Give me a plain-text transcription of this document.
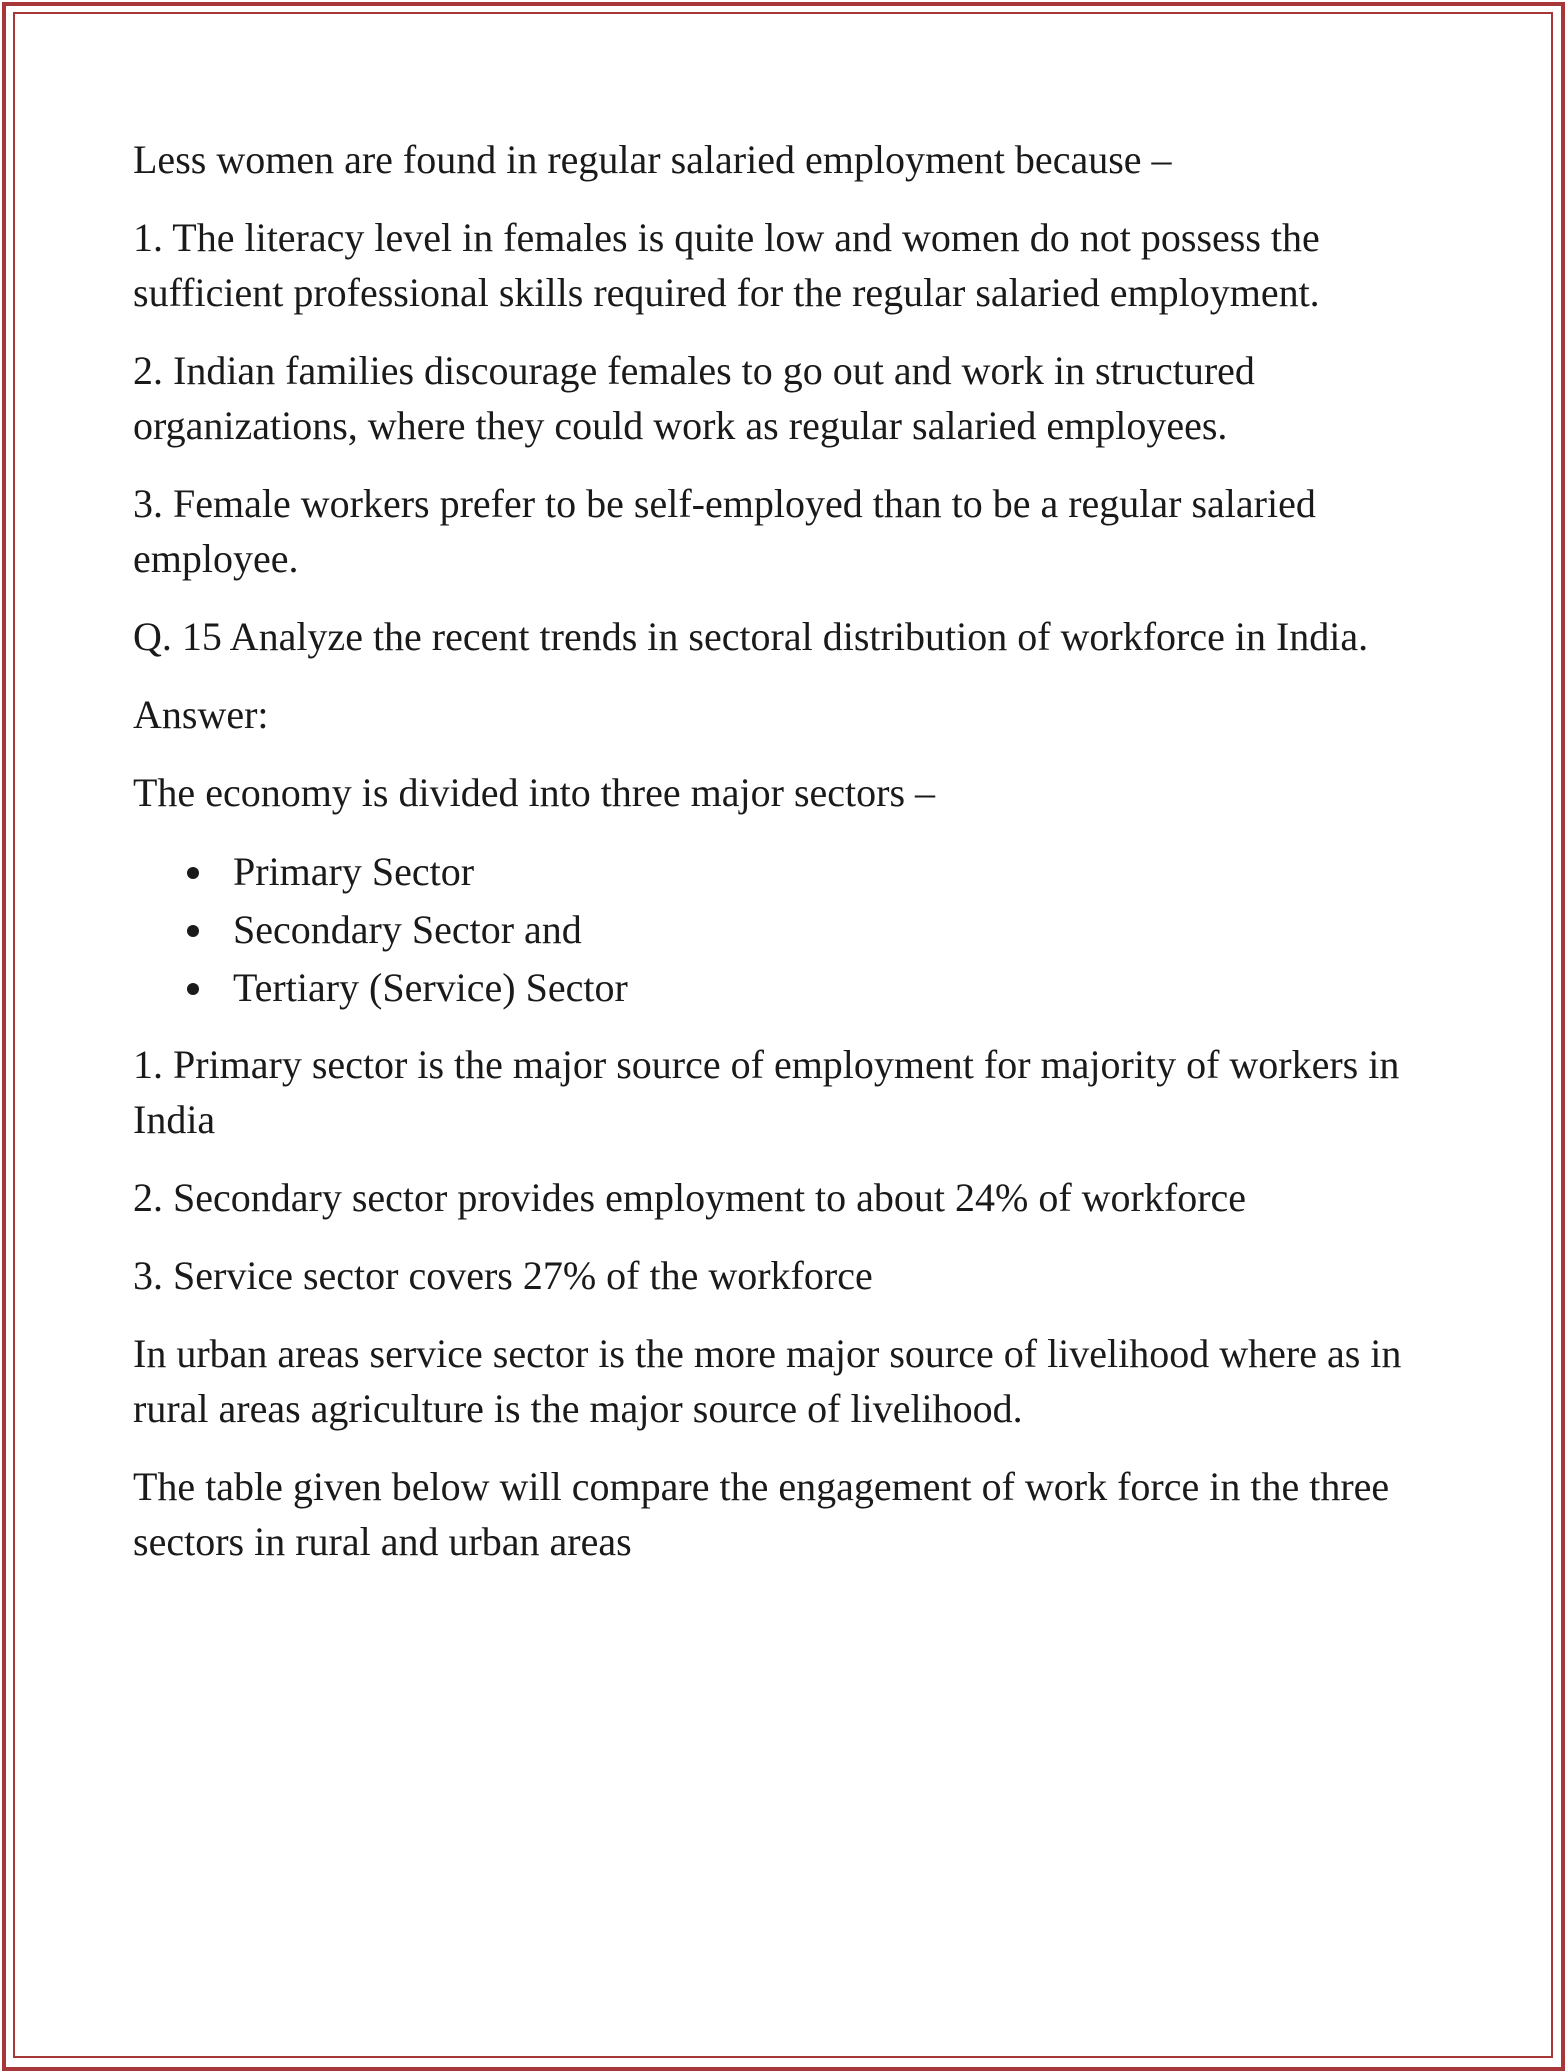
Less women are found in regular salaried employment because –

1. The literacy level in females is quite low and women do not possess the sufficient professional skills required for the regular salaried employment.

2. Indian families discourage females to go out and work in structured organizations, where they could work as regular salaried employees.

3. Female workers prefer to be self-employed than to be a regular salaried employee.

Q. 15 Analyze the recent trends in sectoral distribution of workforce in India.

Answer:

The economy is divided into three major sectors –

Primary Sector
Secondary Sector and
Tertiary (Service) Sector

1. Primary sector is the major source of employment for majority of workers in India

2. Secondary sector provides employment to about 24% of workforce

3. Service sector covers 27% of the workforce

In urban areas service sector is the more major source of livelihood where as in rural areas agriculture is the major source of livelihood.

The table given below will compare the engagement of work force in the three sectors in rural and urban areas
